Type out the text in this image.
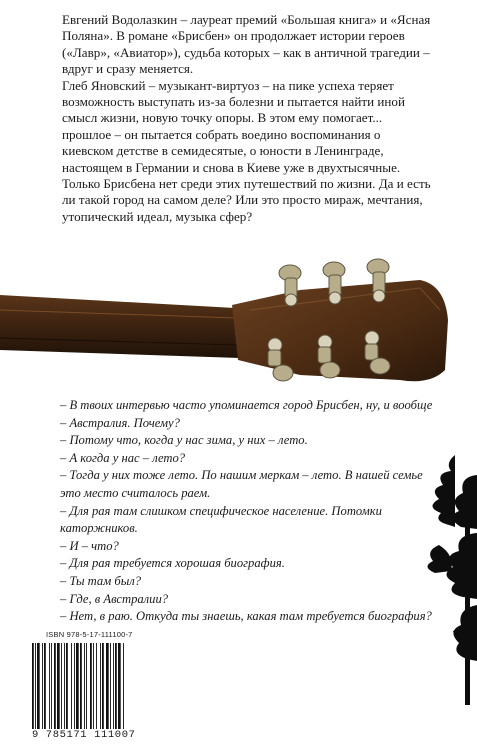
Евгений Водолазкин – лауреат премий «Большая книга» и «Ясная Поляна». В романе «Брисбен» он продолжает истории героев («Лавр», «Авиатор»), судьба которых – как в античной трагедии – вдруг и сразу меняется.

Глеб Яновский – музыкант-виртуоз – на пике успеха теряет возможность выступать из-за болезни и пытается найти иной смысл жизни, новую точку опоры. В этом ему помогает... прошлое – он пытается собрать воедино воспоминания о киевском детстве в семидесятые, о юности в Ленинграде, настоящем в Германии и снова в Киеве уже в двухтысячные. Только Брисбена нет среди этих путешествий по жизни. Да и есть ли такой город на самом деле? Или это просто мираж, мечтания, утопический идеал, музыка сфер?

– В твоих интервью часто упоминается город Брисбен, ну, и вообще – Австралия. Почему?

– Потому что, когда у нас зима, у них – лето.

– А когда у нас – лето?

– Тогда у них тоже лето. По нашим меркам – лето. В нашей семье это место считалось раем.

– Для рая там слишком специфическое население. Потомки каторжников.

– И – что?

– Для рая требуется хорошая биография.

– Ты там был?

– Где, в Австралии?

– Нет, в раю. Откуда ты знаешь, какая там требуется биография?

ISBN 978-5-17-111100-7
9 785171 111007
